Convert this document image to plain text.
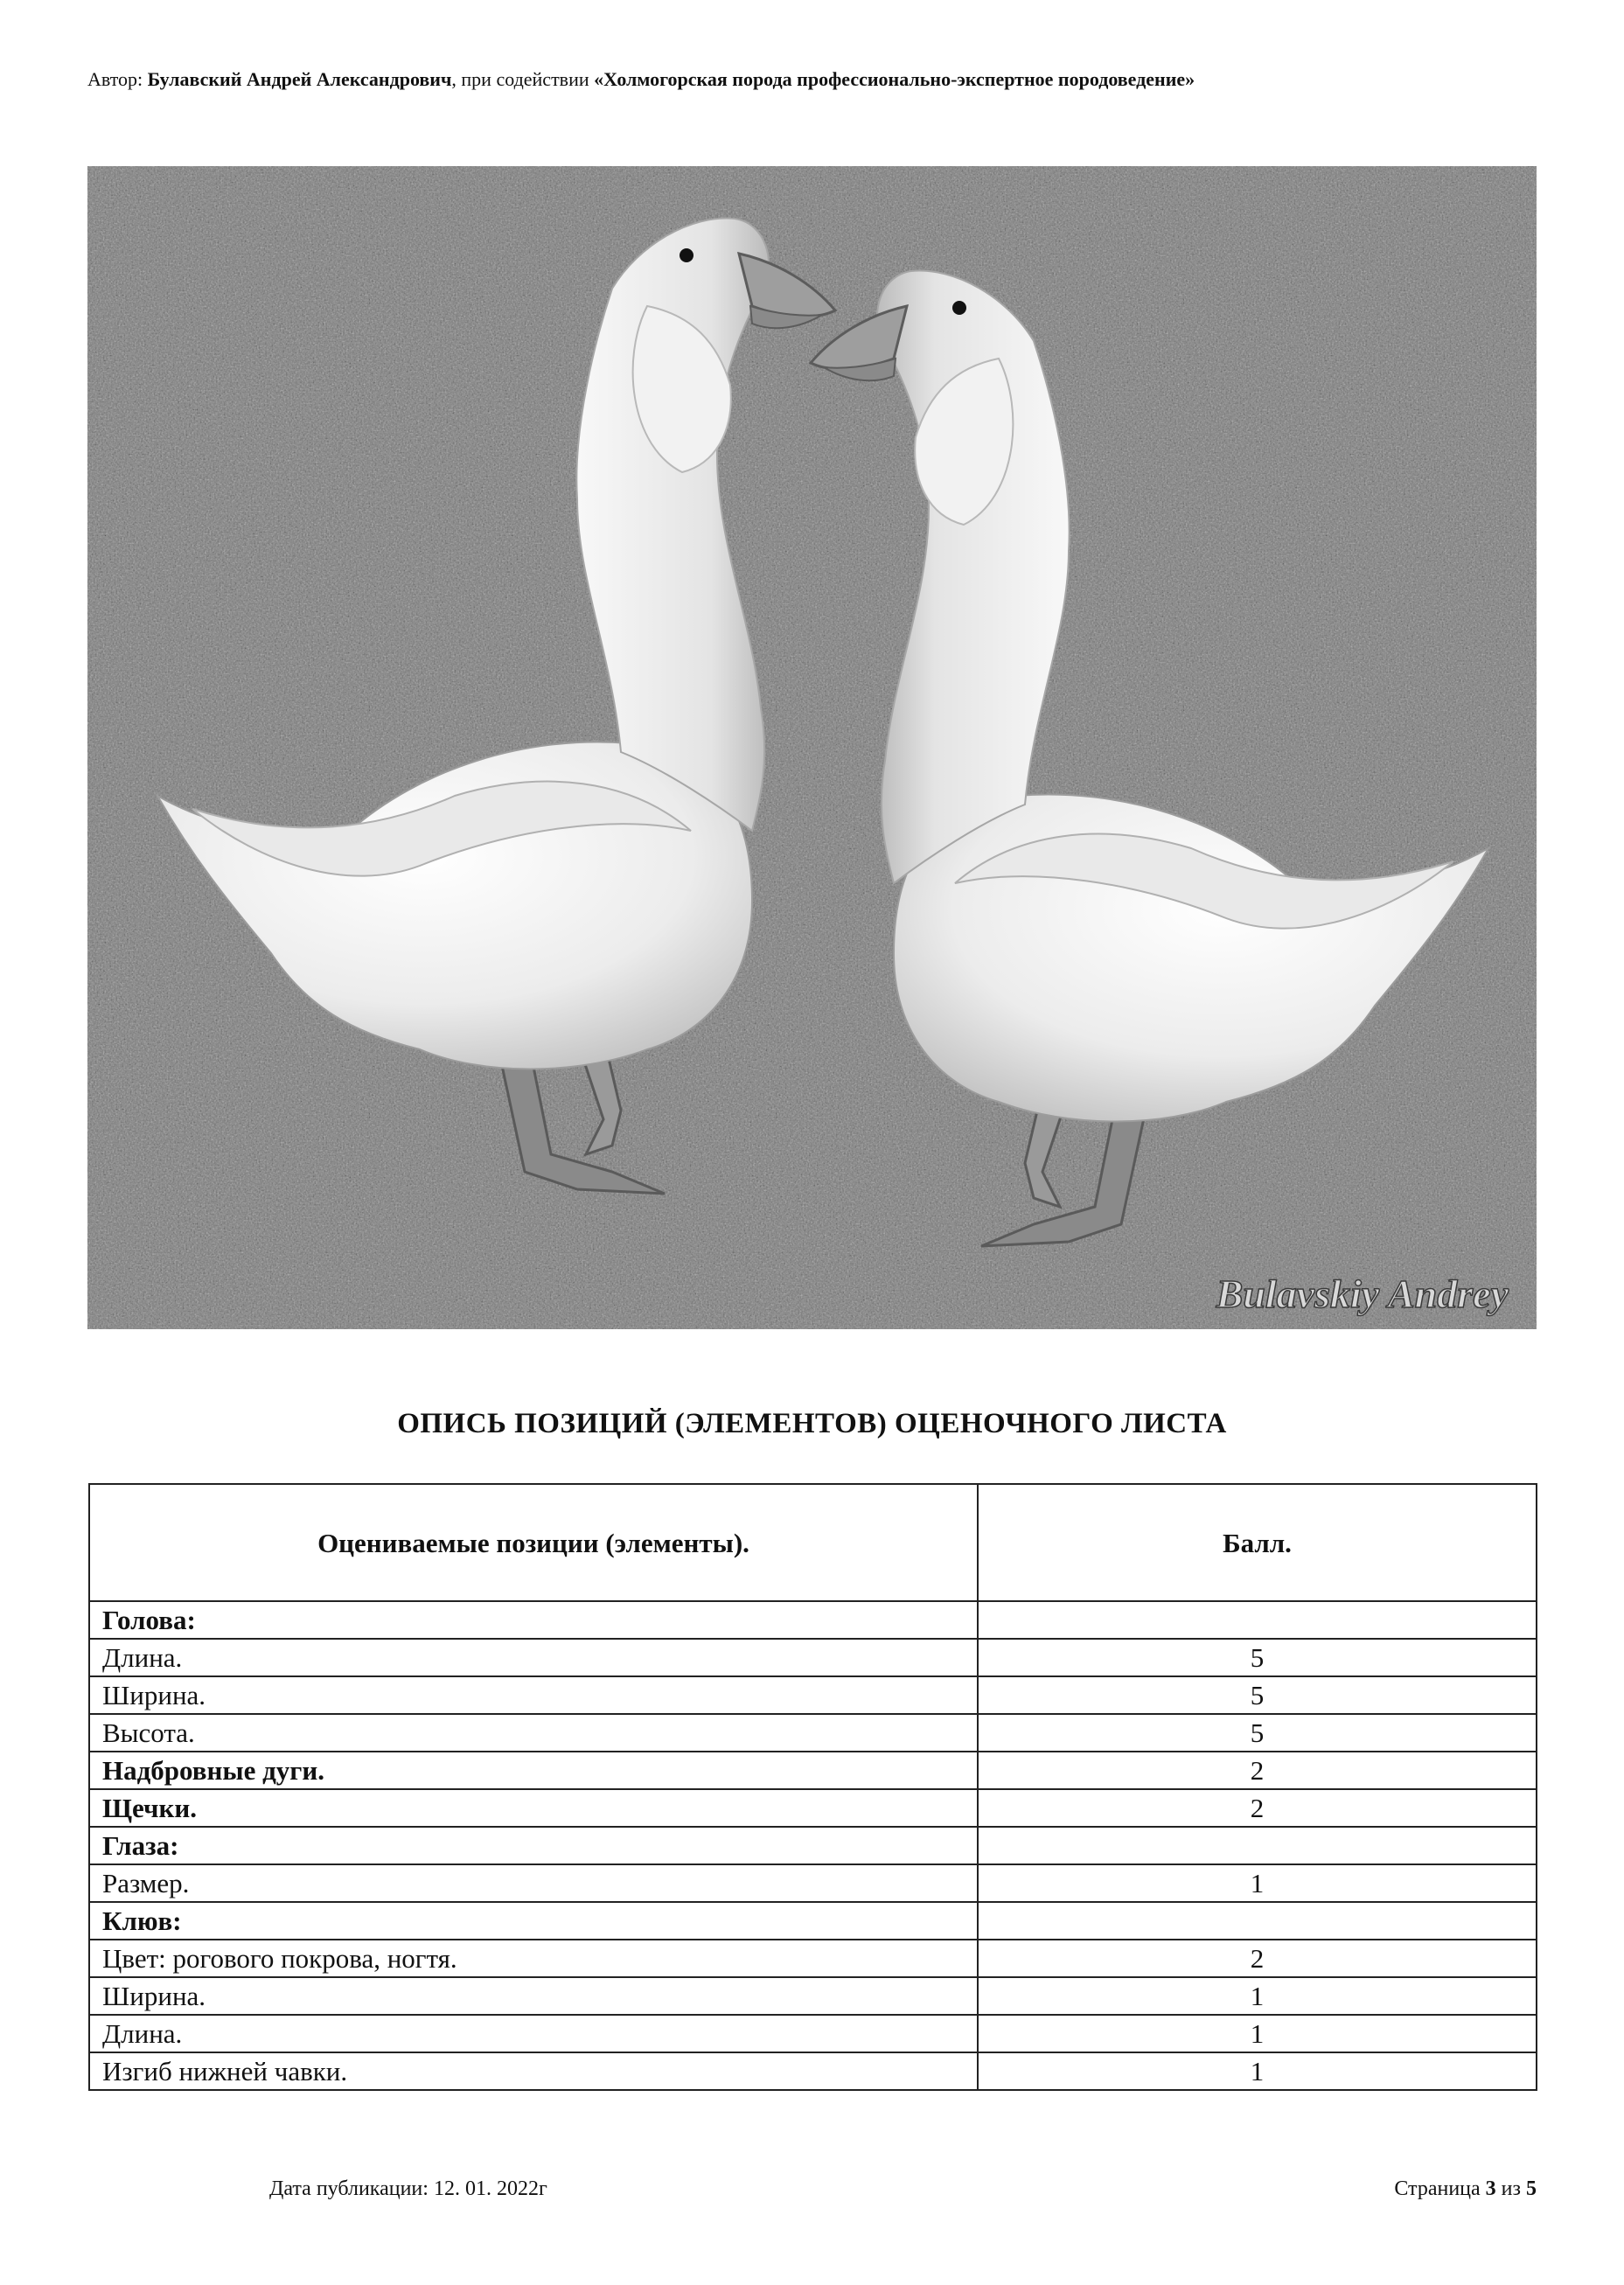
Автор: Булавский Андрей Александрович, при содействии «Холмогорская порода профессионально-экспертное породоведение»
Bulavskiy Andrey
ОПИСЬ ПОЗИЦИЙ (ЭЛЕМЕНТОВ) ОЦЕНОЧНОГО ЛИСТА
Оцениваемые позиции (элементы).	Балл.
Голова:	
Длина.	5
Ширина.	5
Высота.	5
Надбровные дуги.	2
Щечки.	2
Глаза:	
Размер.	1
Клюв:	
Цвет: рогового покрова, ногтя.	2
Ширина.	1
Длина.	1
Изгиб нижней чавки.	1
Дата публикации: 12. 01. 2022г	Страница 3 из 5
